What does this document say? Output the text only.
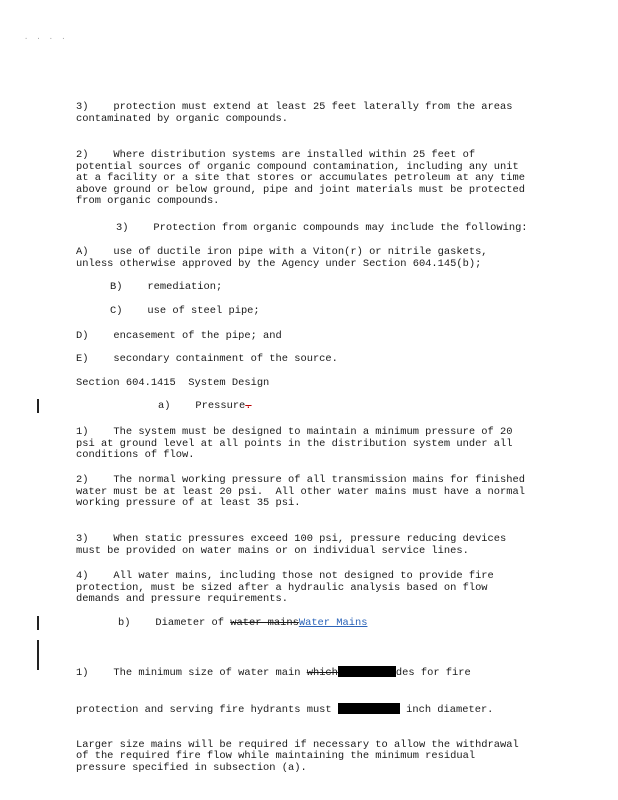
. . . .

3)    protection must extend at least 25 feet laterally from the areas
contaminated by organic compounds.

2)    Where distribution systems are installed within 25 feet of
potential sources of organic compound contamination, including any unit
at a facility or a site that stores or accumulates petroleum at any time
above ground or below ground, pipe and joint materials must be protected
from organic compounds.

3)    Protection from organic compounds may include the following:

A)    use of ductile iron pipe with a Viton(r) or nitrile gaskets,
unless otherwise approved by the Agency under Section 604.145(b);

B)    remediation;

C)    use of steel pipe;

D)    encasement of the pipe; and

E)    secondary containment of the source.

Section 604.1415  System Design

a)    Pressure.

1)    The system must be designed to maintain a minimum pressure of 20
psi at ground level at all points in the distribution system under all
conditions of flow.

2)    The normal working pressure of all transmission mains for finished
water must be at least 20 psi.  All other water mains must have a normal
working pressure of at least 35 psi.

3)    When static pressures exceed 100 psi, pressure reducing devices
must be provided on water mains or on individual service lines.

4)    All water mains, including those not designed to provide fire
protection, must be sized after a hydraulic analysis based on flow
demands and pressure requirements.

b)    Diameter of water mainsWater Mains

1)    The minimum size of water main which	des for fire

protection and serving fire hydrants must	inch diameter.

Larger size mains will be required if necessary to allow the withdrawal
of the required fire flow while maintaining the minimum residual
pressure specified in subsection (a).
